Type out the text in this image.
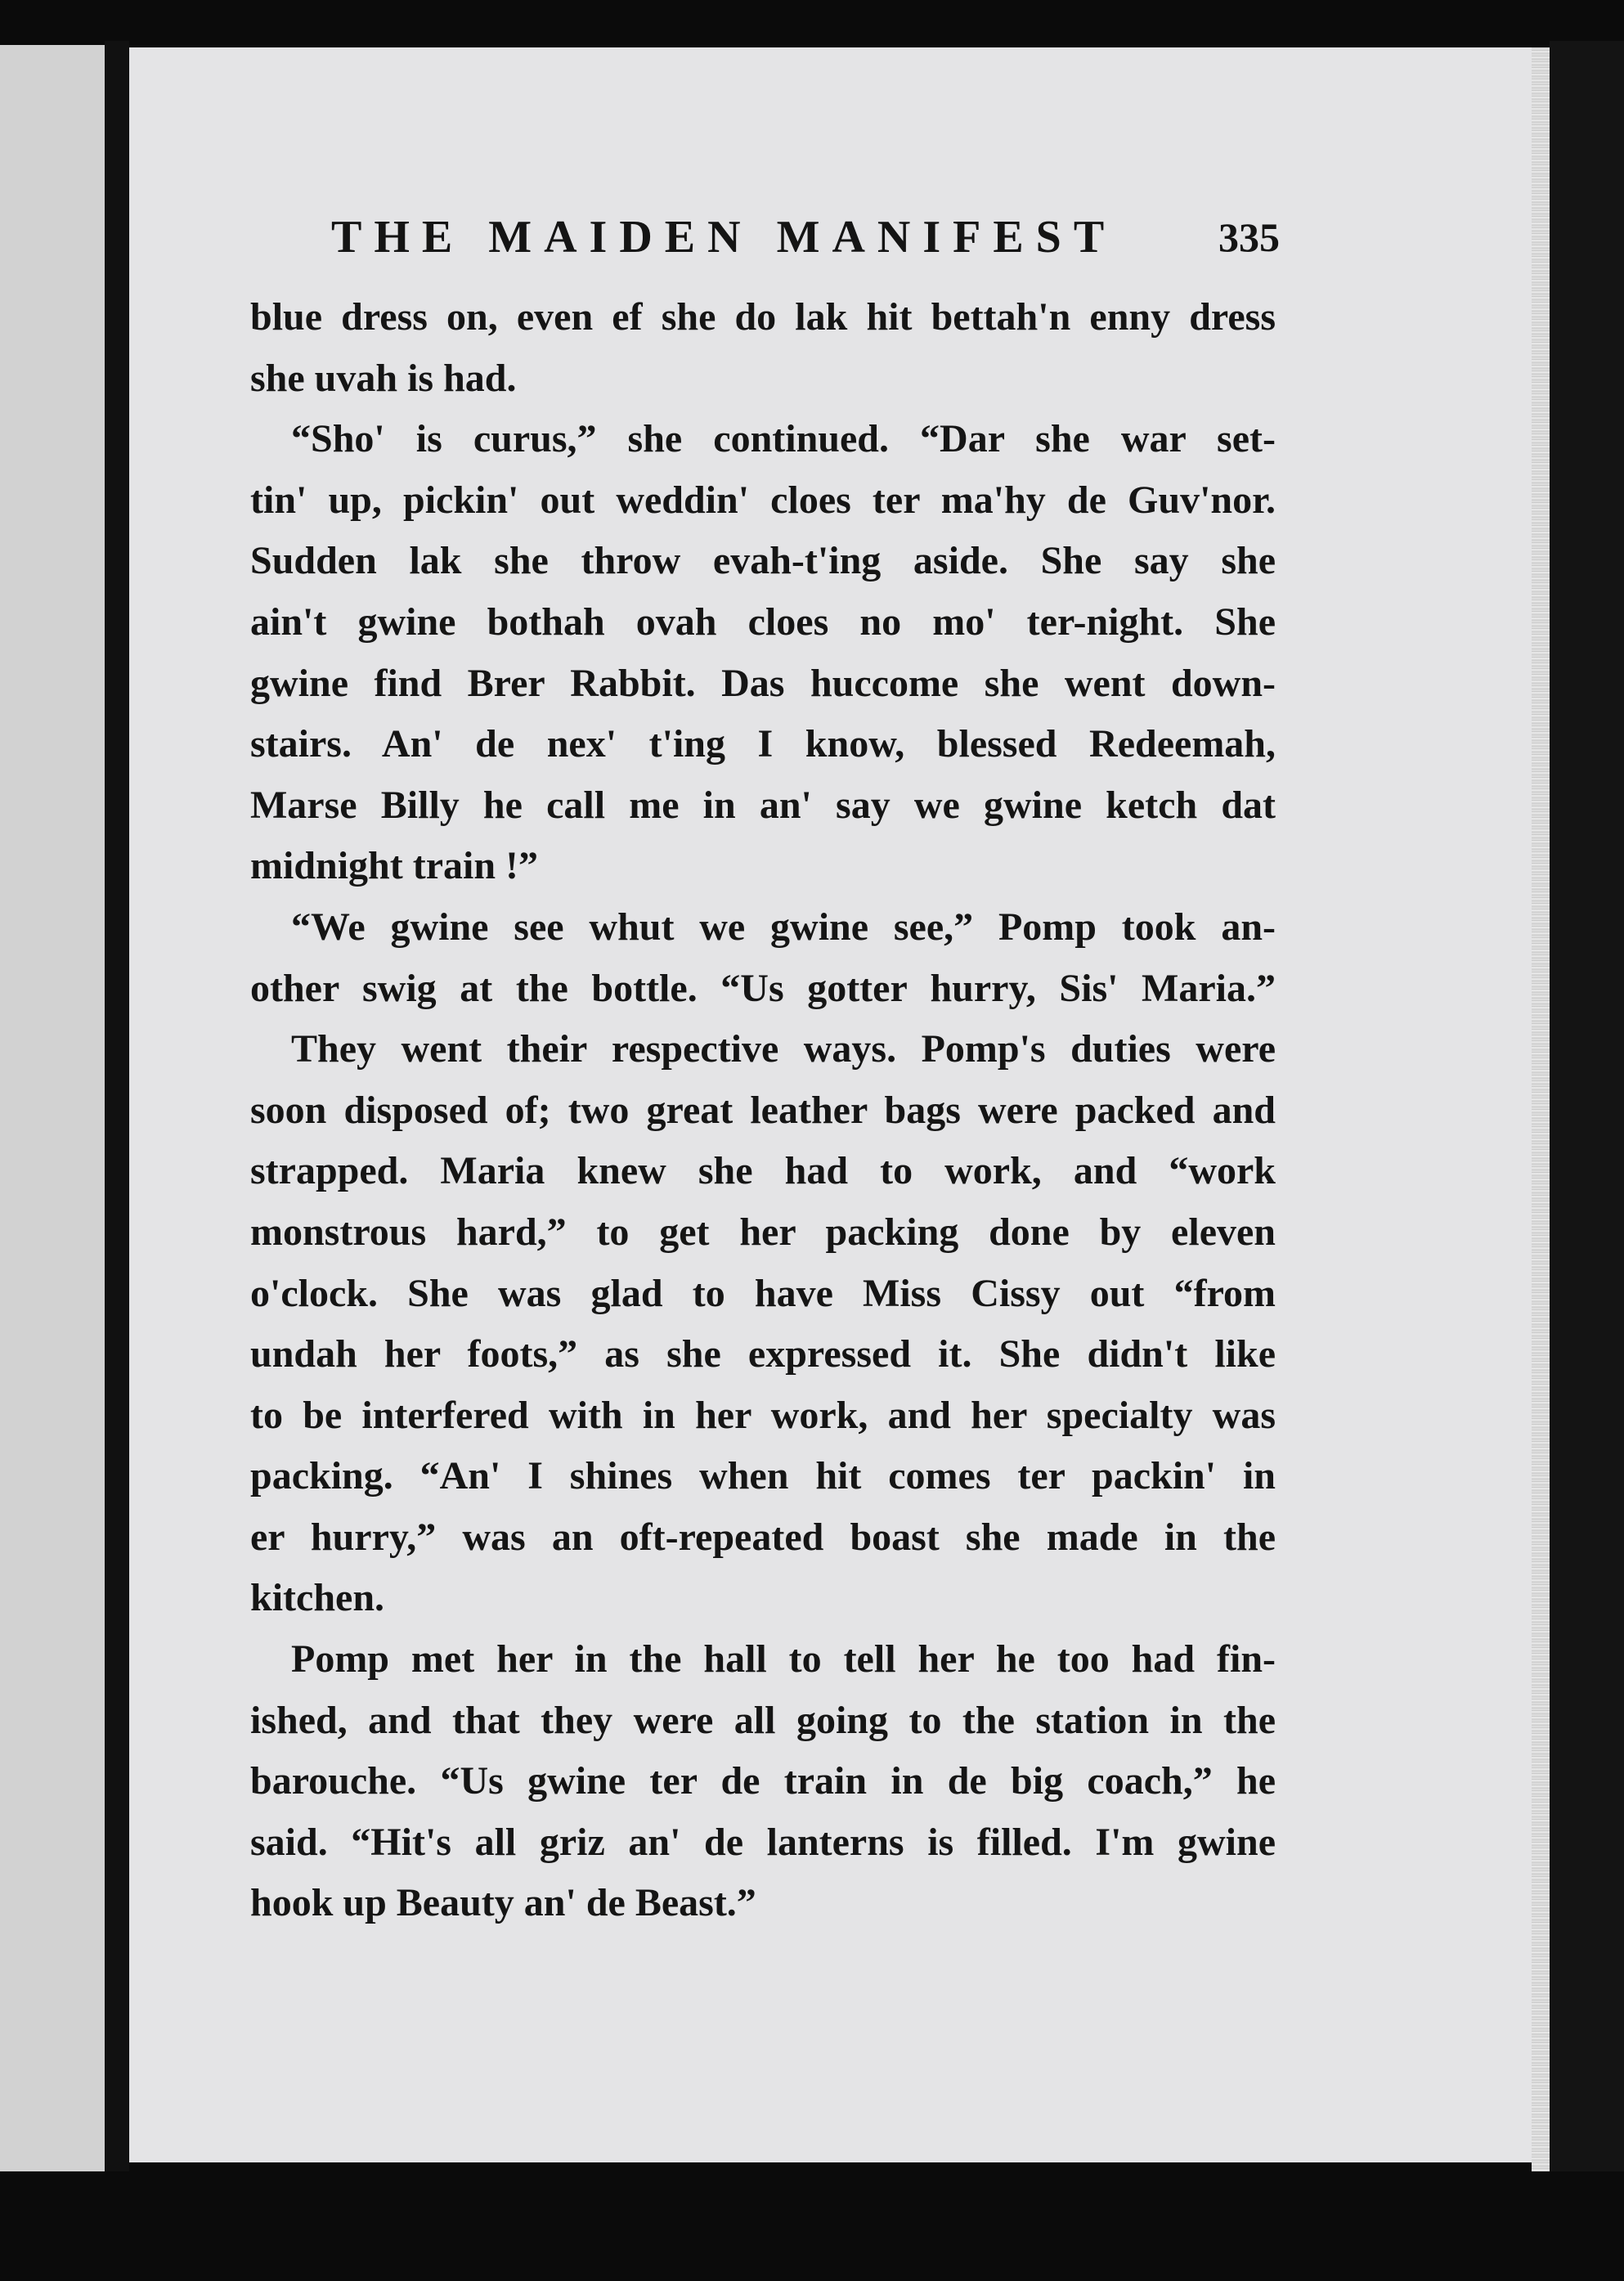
THE MAIDEN MANIFEST 335
blue dress on, even ef she do lak hit bettah'n enny dress
she uvah is had.
“Sho' is curus,” she continued. “Dar she war set-
tin' up, pickin' out weddin' cloes ter ma'hy de Guv'nor.
Sudden lak she throw evah-t'ing aside. She say she
ain't gwine bothah ovah cloes no mo' ter-night. She
gwine find Brer Rabbit. Das huccome she went down-
stairs. An' de nex' t'ing I know, blessed Redeemah,
Marse Billy he call me in an' say we gwine ketch dat
midnight train !”
“We gwine see whut we gwine see,” Pomp took an-
other swig at the bottle. “Us gotter hurry, Sis' Maria.”
They went their respective ways. Pomp's duties were
soon disposed of; two great leather bags were packed and
strapped. Maria knew she had to work, and “work
monstrous hard,” to get her packing done by eleven
o'clock. She was glad to have Miss Cissy out “from
undah her foots,” as she expressed it. She didn't like
to be interfered with in her work, and her specialty was
packing. “An' I shines when hit comes ter packin' in
er hurry,” was an oft-repeated boast she made in the
kitchen.
Pomp met her in the hall to tell her he too had fin-
ished, and that they were all going to the station in the
barouche. “Us gwine ter de train in de big coach,” he
said. “Hit's all griz an' de lanterns is filled. I'm gwine
hook up Beauty an' de Beast.”
